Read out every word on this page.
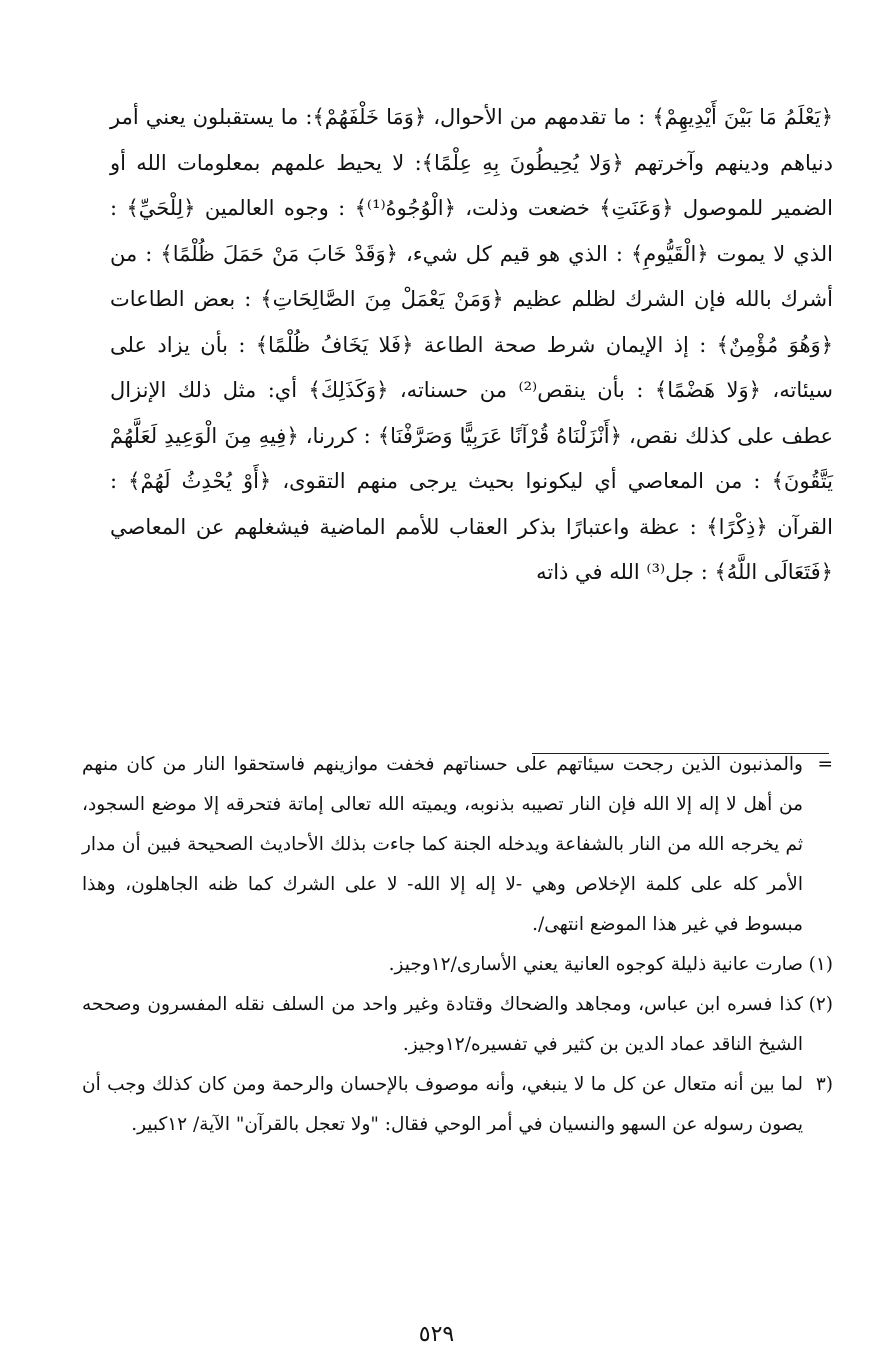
﴿يَعْلَمُ مَا بَيْنَ أَيْدِيهِمْ﴾ : ما تقدمهم من الأحوال، ﴿وَمَا خَلْفَهُمْ﴾: ما يستقبلون يعني أمر دنياهم ودينهم وآخرتهم ﴿وَلا يُحِيطُونَ بِهِ عِلْمًا﴾: لا يحيط علمهم بمعلومات الله أو الضمير للموصول ﴿وَعَنَتِ﴾ خضعت وذلت، ﴿الْوُجُوهُ⁽¹⁾﴾ : وجوه العالمين ﴿لِلْحَيِّ﴾ : الذي لا يموت ﴿الْقَيُّومِ﴾ : الذي هو قيم كل شيء، ﴿وَقَدْ خَابَ مَنْ حَمَلَ ظُلْمًا﴾ : من أشرك بالله فإن الشرك لظلم عظيم ﴿وَمَنْ يَعْمَلْ مِنَ الصَّالِحَاتِ﴾ : بعض الطاعات ﴿وَهُوَ مُؤْمِنٌ﴾ : إذ الإيمان شرط صحة الطاعة ﴿فَلا يَخَافُ ظُلْمًا﴾ : بأن يزاد على سيئاته، ﴿وَلا هَضْمًا﴾ : بأن ينقص⁽²⁾ من حسناته، ﴿وَكَذَلِكَ﴾ أي: مثل ذلك الإنزال عطف على كذلك نقص، ﴿أَنْزَلْنَاهُ قُرْآنًا عَرَبِيًّا وَصَرَّفْنَا﴾ : كررنا، ﴿فِيهِ مِنَ الْوَعِيدِ لَعَلَّهُمْ يَتَّقُونَ﴾ : من المعاصي أي ليكونوا بحيث يرجى منهم التقوى، ﴿أَوْ يُحْدِثُ لَهُمْ﴾ : القرآن ﴿ذِكْرًا﴾ : عظة واعتبارًا بذكر العقاب للأمم الماضية فيشغلهم عن المعاصي ﴿فَتَعَالَى اللَّهُ﴾ : جل⁽³⁾ الله في ذاته

=

والمذنبون الذين رجحت سيئاتهم على حسناتهم فخفت موازينهم فاستحقوا النار من كان منهم من أهل لا إله إلا الله فإن النار تصيبه بذنوبه، ويميته الله تعالى إماتة فتحرقه إلا موضع السجود، ثم يخرجه الله من النار بالشفاعة ويدخله الجنة كما جاءت بذلك الأحاديث الصحيحة فبين أن مدار الأمر كله على كلمة الإخلاص وهي -لا إله إلا الله- لا على الشرك كما ظنه الجاهلون، وهذا مبسوط في غير هذا الموضع انتهى/.

(١)

صارت عانية ذليلة كوجوه العانية يعني الأسارى/١٢وجيز.

(٢)

كذا فسره ابن عباس، ومجاهد والضحاك وقتادة وغير واحد من السلف نقله المفسرون وصححه الشيخ الناقد عماد الدين بن كثير في تفسيره/١٢وجيز.

(٣

لما بين أنه متعال عن كل ما لا ينبغي، وأنه موصوف بالإحسان والرحمة ومن كان كذلك وجب أن يصون رسوله عن السهو والنسيان في أمر الوحي فقال: "ولا تعجل بالقرآن" الآية/ ١٢كبير.

٥٢٩
